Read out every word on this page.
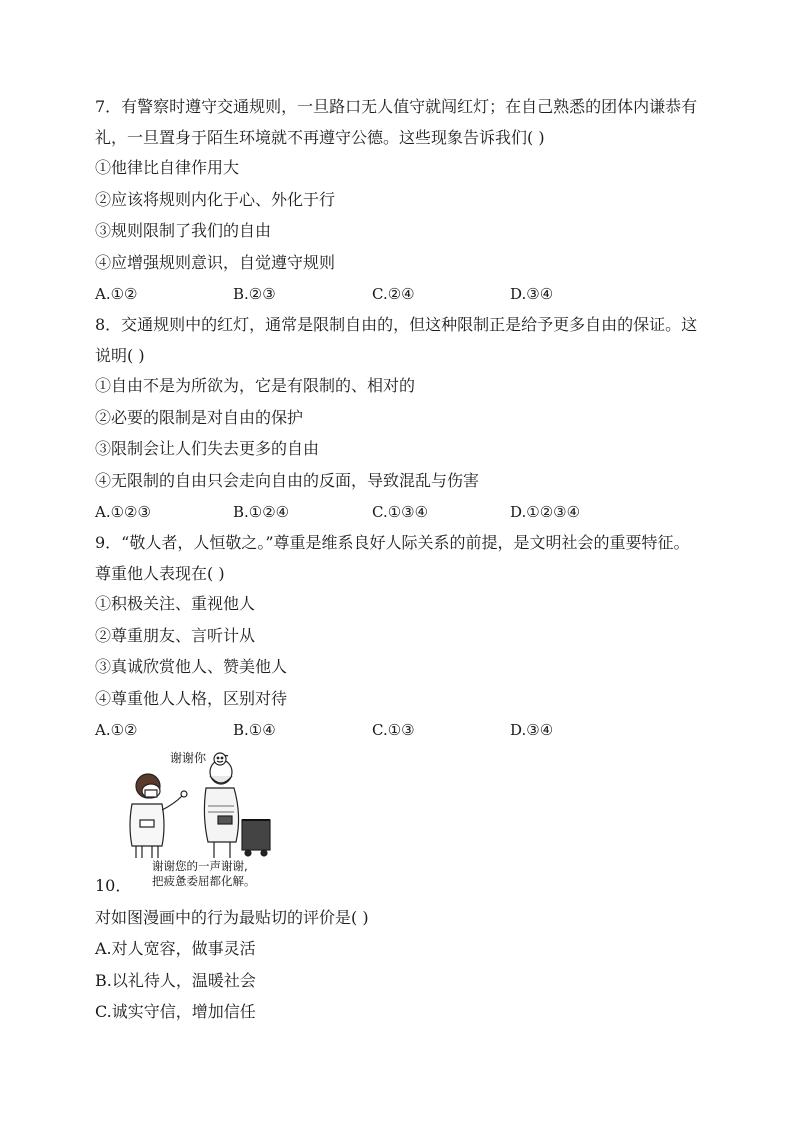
7．有警察时遵守交通规则，一旦路口无人值守就闯红灯；在自己熟悉的团体内谦恭有礼，一旦置身于陌生环境就不再遵守公德。这些现象告诉我们( )
①他律比自律作用大
②应该将规则内化于心、外化于行
③规则限制了我们的自由
④应增强规则意识，自觉遵守规则
A.①②	B.②③	C.②④	D.③④
8．交通规则中的红灯，通常是限制自由的，但这种限制正是给予更多自由的保证。这说明( )
①自由不是为所欲为，它是有限制的、相对的
②必要的限制是对自由的保护
③限制会让人们失去更多的自由
④无限制的自由只会走向自由的反面，导致混乱与伤害
A.①②③	B.①②④	C.①③④	D.①②③④
9．“敬人者，人恒敬之。”尊重是维系良好人际关系的前提，是文明社会的重要特征。尊重他人表现在( )
①积极关注、重视他人
②尊重朋友、言听计从
③真诚欣赏他人、赞美他人
④尊重他人人格，区别对待
A.①②	B.①④	C.①③	D.③④
谢谢你
谢谢您的一声谢谢,
把疲惫委屈都化解。
10．
对如图漫画中的行为最贴切的评价是( )
A.对人宽容，做事灵活
B.以礼待人，温暖社会
C.诚实守信，增加信任
